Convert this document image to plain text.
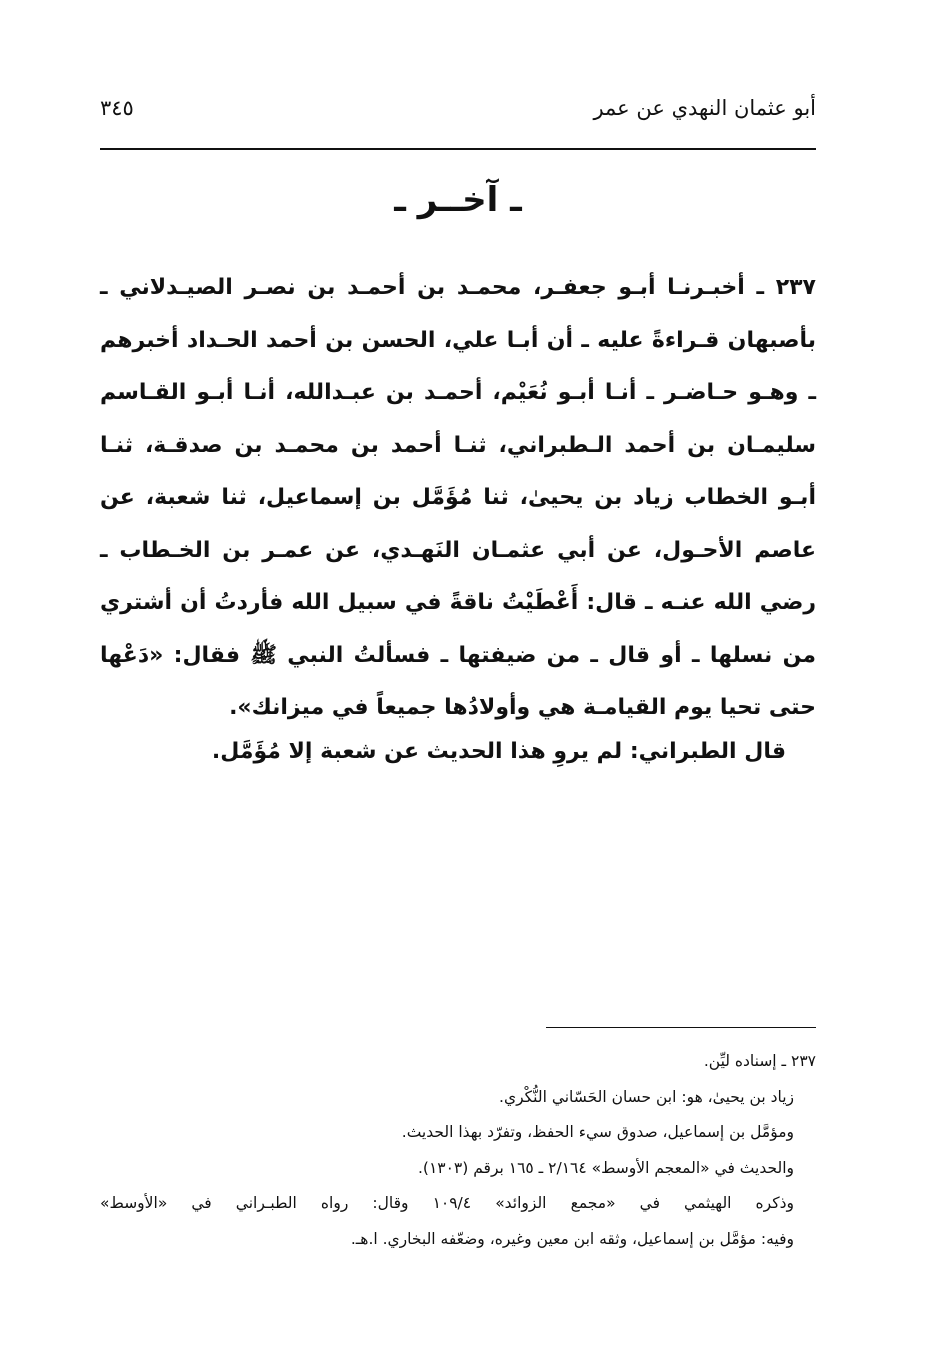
أبو عثمان النهدي عن عمر
٣٤٥
ـ آخــر ـ
٢٣٧ ـ أخبـرنـا أبـو جعفـر، محمـد بن أحمـد بن نصـر الصيـدلاني ـ بأصبهان قـراءةً عليه ـ أن أبـا علي، الحسن بن أحمد الحـداد أخبرهم ـ وهـو حـاضـر ـ أنـا أبـو نُعَيْم، أحمـد بن عبـدالله، أنـا أبـو القـاسم سليمـان بن أحمد الـطبراني، ثنـا أحمد بن محمـد بن صدقـة، ثنـا أبـو الخطاب زياد بن يحيىٰ، ثنا مُؤَمَّل بن إسماعيل، ثنا شعبة، عن عاصم الأحـول، عن أبي عثمـان النَهـدي، عن عمـر بن الخـطاب ـ رضي الله عنـه ـ قال: أَعْطَيْتُ ناقةً في سبيل الله فأردتُ أن أشتري من نسلها ـ أو قال ـ من ضيفتها ـ فسألتُ النبي ﷺ فقال: «دَعْها حتى تحيا يوم القيامـة هي وأولادُها جميعاً في ميزانك».
قال الطبراني: لم يروِ هذا الحديث عن شعبة إلا مُؤَمَّل.
٢٣٧ ـ إسناده ليِّن.
زياد بن يحيىٰ، هو: ابن حسان الحَسّاني النُّكْري.
ومؤمَّل بن إسماعيل، صدوق سيء الحفظ، وتفرّد بهذا الحديث.
والحديث في «المعجم الأوسط» ٢/١٦٤ ـ ١٦٥ برقم (١٣٠٣).
وذكره الهيثمي في «مجمع الزوائد» ١٠٩/٤ وقال: رواه الطبـراني في «الأوسط»
وفيه: مؤمَّل بن إسماعيل، وثقه ابن معين وغيره، وضعّفه البخاري. ا.هـ.
